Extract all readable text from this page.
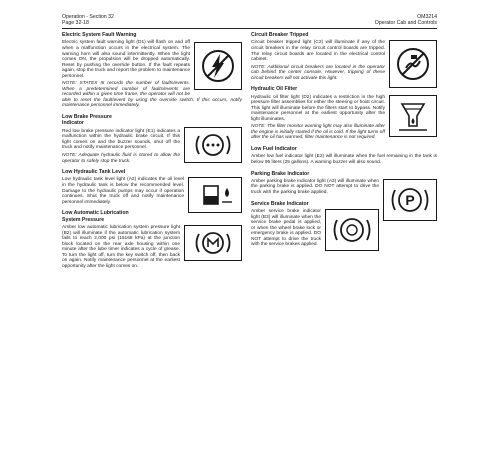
Operation - Section 32
Page 32-18
OM3214
Operator Cab and Controls
Electric System Fault Warning

Electric system fault warning light (D1) will flash on and off when a malfunction occurs in the electrical system. The warning horn will also sound intermittently. When the light comes ON, the propulsion will be dropped automatically. Reset by pushing the override button. If the fault repeats again, stop the truck and report the problem to maintenance personnel.

NOTE: STATEX III records the number of faults/events. When a predetermined number of faults/events are recorded within a given time frame, the operator will not be able to reset the fault/event by using the override switch. If this occurs, notify maintenance personnel immediately.

Low Brake Pressure
Indicator

Red low brake pressure indicator light (E1) indicates a malfunction within the hydraulic brake circuit. If this light comes on and the buzzer sounds, shut off the truck and notify maintenance personnel.

NOTE: Adequate hydraulic fluid is stored to allow the operator to safely stop the truck.

Low Hydraulic Tank Level

Low hydraulic tank level light (A2) indicates the oil level in the hydraulic tank is below the recommended level. Damage to the hydraulic pumps may occur if operation continues. Shut the truck off and notify maintenance personnel immediately.

Low Automatic Lubrication
System Pressure

Amber low automatic lubrication system pressure light (B2) will illuminate if the automatic lubrication system fails to reach 2,000 psi (15168 kPa) at the junction block located on the rear axle housing within one minute after the lube timer indicates a cycle of grease. To turn the light off, turn the key switch off, then back on again. Notify maintenance personnel at the earliest opportunity after the light comes on.

Circuit Breaker Tripped

Circuit breaker tripped light (C2) will illuminate if any of the circuit breakers in the relay circuit control boards are tripped. The relay circuit boards are located in the electrical control cabinet.

NOTE: Additional circuit breakers are located in the operator cab behind the center console. However, tripping of these circuit breakers will not activate this light.

Hydraulic Oil Filter

Hydraulic oil filter light (D2) indicates a restriction in the high pressure filter assemblies for either the steering or hoist circuit. This light will illuminate before the filters start to bypass. Notify maintenance personnel at the earliest opportunity after the light illuminates.

NOTE: The filter monitor warning light may also illuminate after the engine is initially started if the oil is cold. If the light turns off after the oil has warmed, filter maintenance is not required.

Low Fuel Indicator

Amber low fuel indicator light (E2) will illuminate when the fuel remaining in the tank is below 95 liters (25 gallons). A warning buzzer will also sound.

Parking Brake Indicator
P

Amber parking brake indicator light (A3) will illuminate when the parking brake is applied. DO NOT attempt to drive the truck with the parking brake applied.

Service Brake Indicator

Amber service brake indicator light (B3) will illuminate when the service brake pedal is applied, or when the wheel brake lock or emergency brake is applied. DO NOT attempt to drive the truck with the service brakes applied.
